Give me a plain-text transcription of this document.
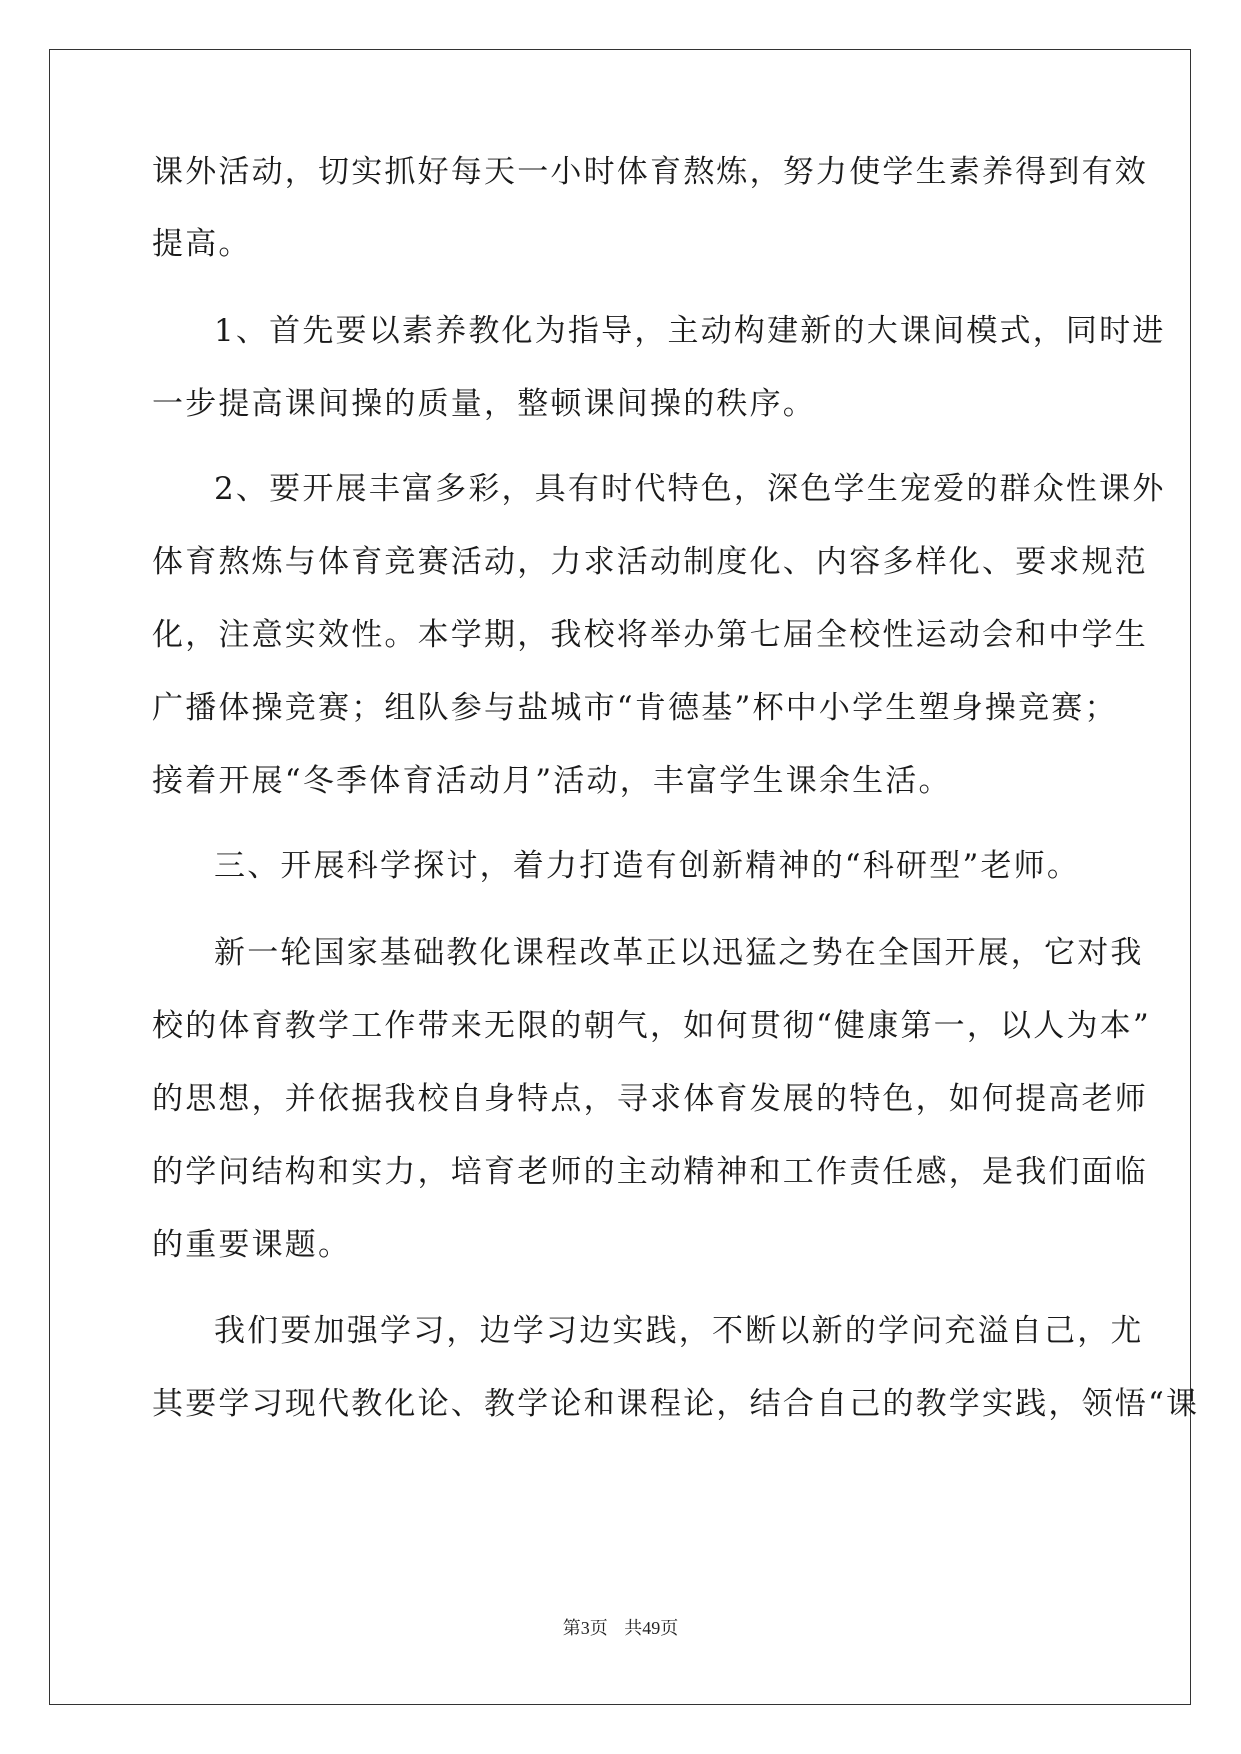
课外活动，切实抓好每天一小时体育熬炼，努力使学生素养得到有效
提高。
1、首先要以素养教化为指导，主动构建新的大课间模式，同时进
一步提高课间操的质量，整顿课间操的秩序。
2、要开展丰富多彩，具有时代特色，深色学生宠爱的群众性课外
体育熬炼与体育竞赛活动，力求活动制度化、内容多样化、要求规范
化，注意实效性。本学期，我校将举办第七届全校性运动会和中学生
广播体操竞赛；组队参与盐城市“肯德基”杯中小学生塑身操竞赛；
接着开展“冬季体育活动月”活动，丰富学生课余生活。
三、开展科学探讨，着力打造有创新精神的“科研型”老师。
新一轮国家基础教化课程改革正以迅猛之势在全国开展，它对我
校的体育教学工作带来无限的朝气，如何贯彻“健康第一，以人为本”
的思想，并依据我校自身特点，寻求体育发展的特色，如何提高老师
的学问结构和实力，培育老师的主动精神和工作责任感，是我们面临
的重要课题。
我们要加强学习，边学习边实践，不断以新的学问充溢自己，尤
其要学习现代教化论、教学论和课程论，结合自己的教学实践，领悟“课
第3页 共49页
